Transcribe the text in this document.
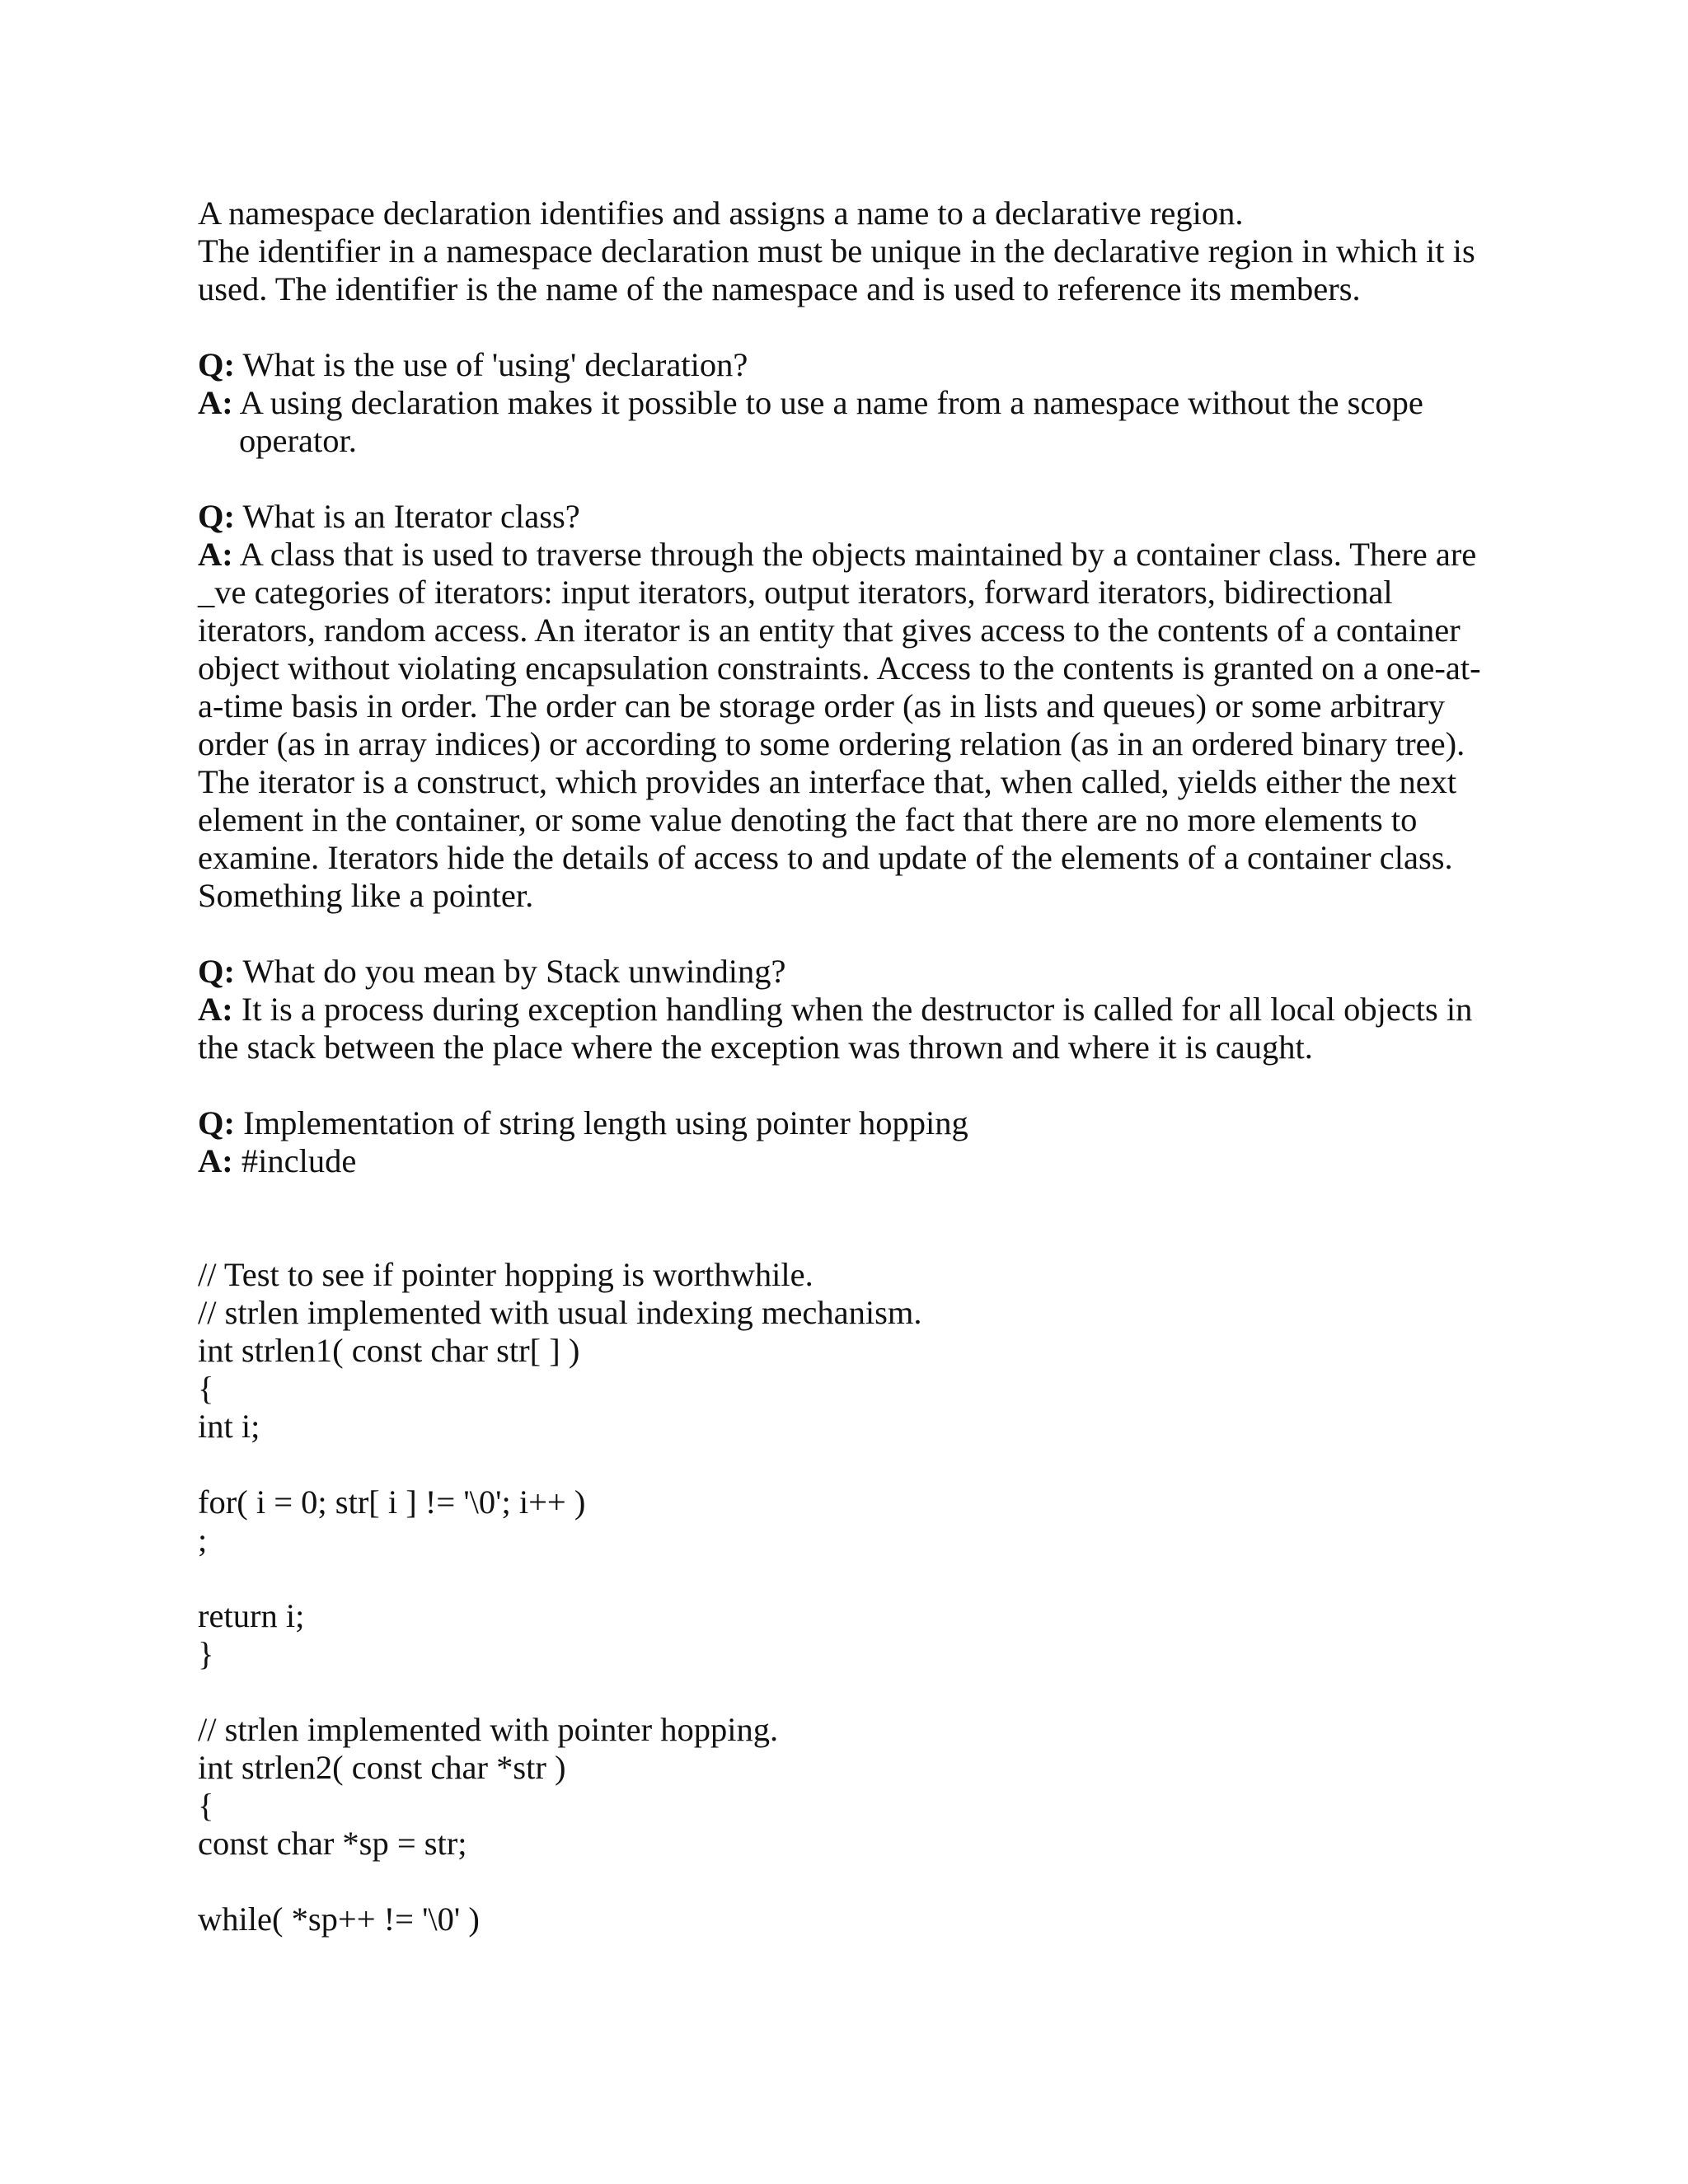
A namespace declaration identifies and assigns a name to a declarative region.
The identifier in a namespace declaration must be unique in the declarative region in which it is
used. The identifier is the name of the namespace and is used to reference its members.
Q: What is the use of 'using' declaration?
A: A using declaration makes it possible to use a name from a namespace without the scope
operator.
Q: What is an Iterator class?
A: A class that is used to traverse through the objects maintained by a container class. There are
_ve categories of iterators: input iterators, output iterators, forward iterators, bidirectional
iterators, random access. An iterator is an entity that gives access to the contents of a container
object without violating encapsulation constraints. Access to the contents is granted on a one-at-
a-time basis in order. The order can be storage order (as in lists and queues) or some arbitrary
order (as in array indices) or according to some ordering relation (as in an ordered binary tree).
The iterator is a construct, which provides an interface that, when called, yields either the next
element in the container, or some value denoting the fact that there are no more elements to
examine. Iterators hide the details of access to and update of the elements of a container class.
Something like a pointer.
Q: What do you mean by Stack unwinding?
A: It is a process during exception handling when the destructor is called for all local objects in
the stack between the place where the exception was thrown and where it is caught.
Q: Implementation of string length using pointer hopping
A: #include
// Test to see if pointer hopping is worthwhile.
// strlen implemented with usual indexing mechanism.
int strlen1( const char str[ ] )
{
int i;
for( i = 0; str[ i ] != '\0'; i++ )
;
return i;
}
// strlen implemented with pointer hopping.
int strlen2( const char *str )
{
const char *sp = str;
while( *sp++ != '\0' )
